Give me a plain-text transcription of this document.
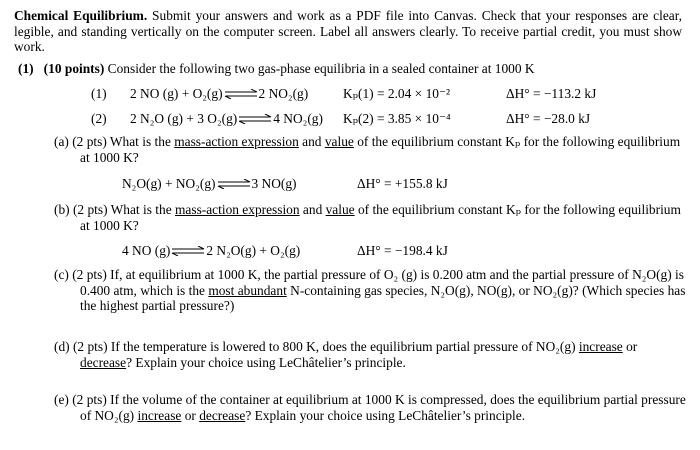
Chemical Equilibrium. Submit your answers and work as a PDF file into Canvas. Check that your responses are clear, legible, and standing vertically on the computer screen. Label all answers clearly. To receive partial credit, you must show work.
(1) (10 points) Consider the following two gas-phase equilibria in a sealed container at 1000 K
(1) 2 NO (g) + O₂(g)⇌2 NO₂(g)	Kₚ(1) = 2.04 × 10⁻²	ΔH° = −113.2 kJ
(2) 2 N₂O (g) + 3 O₂(g)⇌4 NO₂(g) Kₚ(2) = 3.85 × 10⁻⁴	ΔH° = −28.0 kJ
(a) (2 pts) What is the mass-action expression and value of the equilibrium constant Kₚ for the following equilibrium at 1000 K?
N₂O(g) + NO₂(g)⇌3 NO(g)	ΔH° = +155.8 kJ
(b) (2 pts) What is the mass-action expression and value of the equilibrium constant Kₚ for the following equilibrium at 1000 K?
4 NO (g)⇌2 N₂O(g) + O₂(g)	ΔH° = −198.4 kJ
(c) (2 pts) If, at equilibrium at 1000 K, the partial pressure of O₂ (g) is 0.200 atm and the partial pressure of N₂O(g) is 0.400 atm, which is the most abundant N-containing gas species, N₂O(g), NO(g), or NO₂(g)? (Which species has the highest partial pressure?)
(d) (2 pts) If the temperature is lowered to 800 K, does the equilibrium partial pressure of NO₂(g) increase or decrease? Explain your choice using LeChâtelier’s principle.
(e) (2 pts) If the volume of the container at equilibrium at 1000 K is compressed, does the equilibrium partial pressure of NO₂(g) increase or decrease? Explain your choice using LeChâtelier’s principle.
